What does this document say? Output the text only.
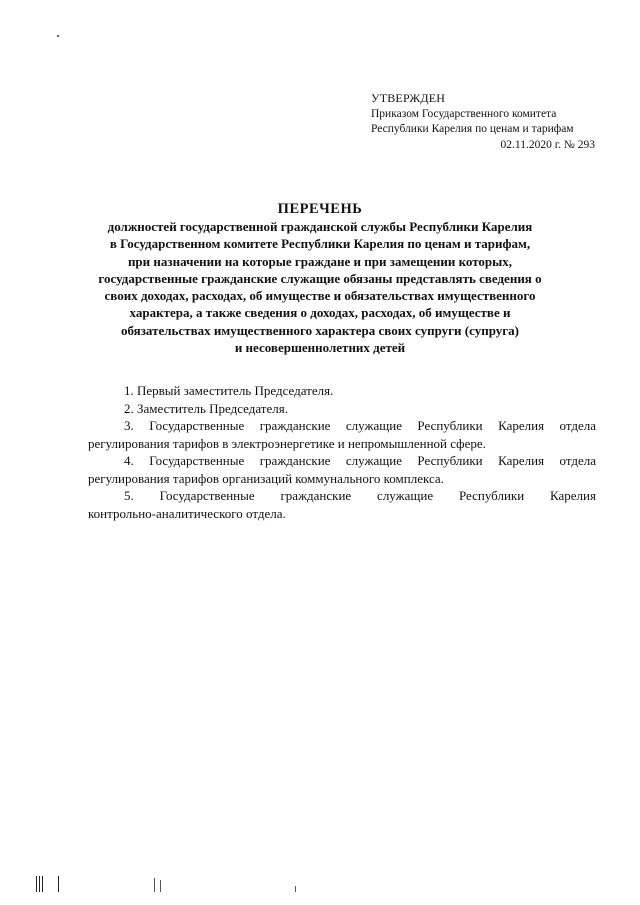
УТВЕРЖДЕН
Приказом Государственного комитета
Республики Карелия по ценам и тарифам
02.11.2020 г. № 293
ПЕРЕЧЕНЬ
должностей государственной гражданской службы Республики Карелия
в Государственном комитете Республики Карелия по ценам и тарифам,
при назначении на которые граждане и при замещении которых,
государственные гражданские служащие обязаны представлять сведения о
своих доходах, расходах, об имуществе и обязательствах имущественного
характера, а также сведения о доходах, расходах, об имуществе и
обязательствах имущественного характера своих супруги (супруга)
и несовершеннолетних детей
1. Первый заместитель Председателя.
2. Заместитель Председателя.
3. Государственные гражданские служащие Республики Карелия отдела регулирования тарифов в электроэнергетике и непромышленной сфере.
4. Государственные гражданские служащие Республики Карелия отдела регулирования тарифов организаций коммунального комплекса.
5. Государственные гражданские служащие Республики Карелия
контрольно-аналитического отдела.
